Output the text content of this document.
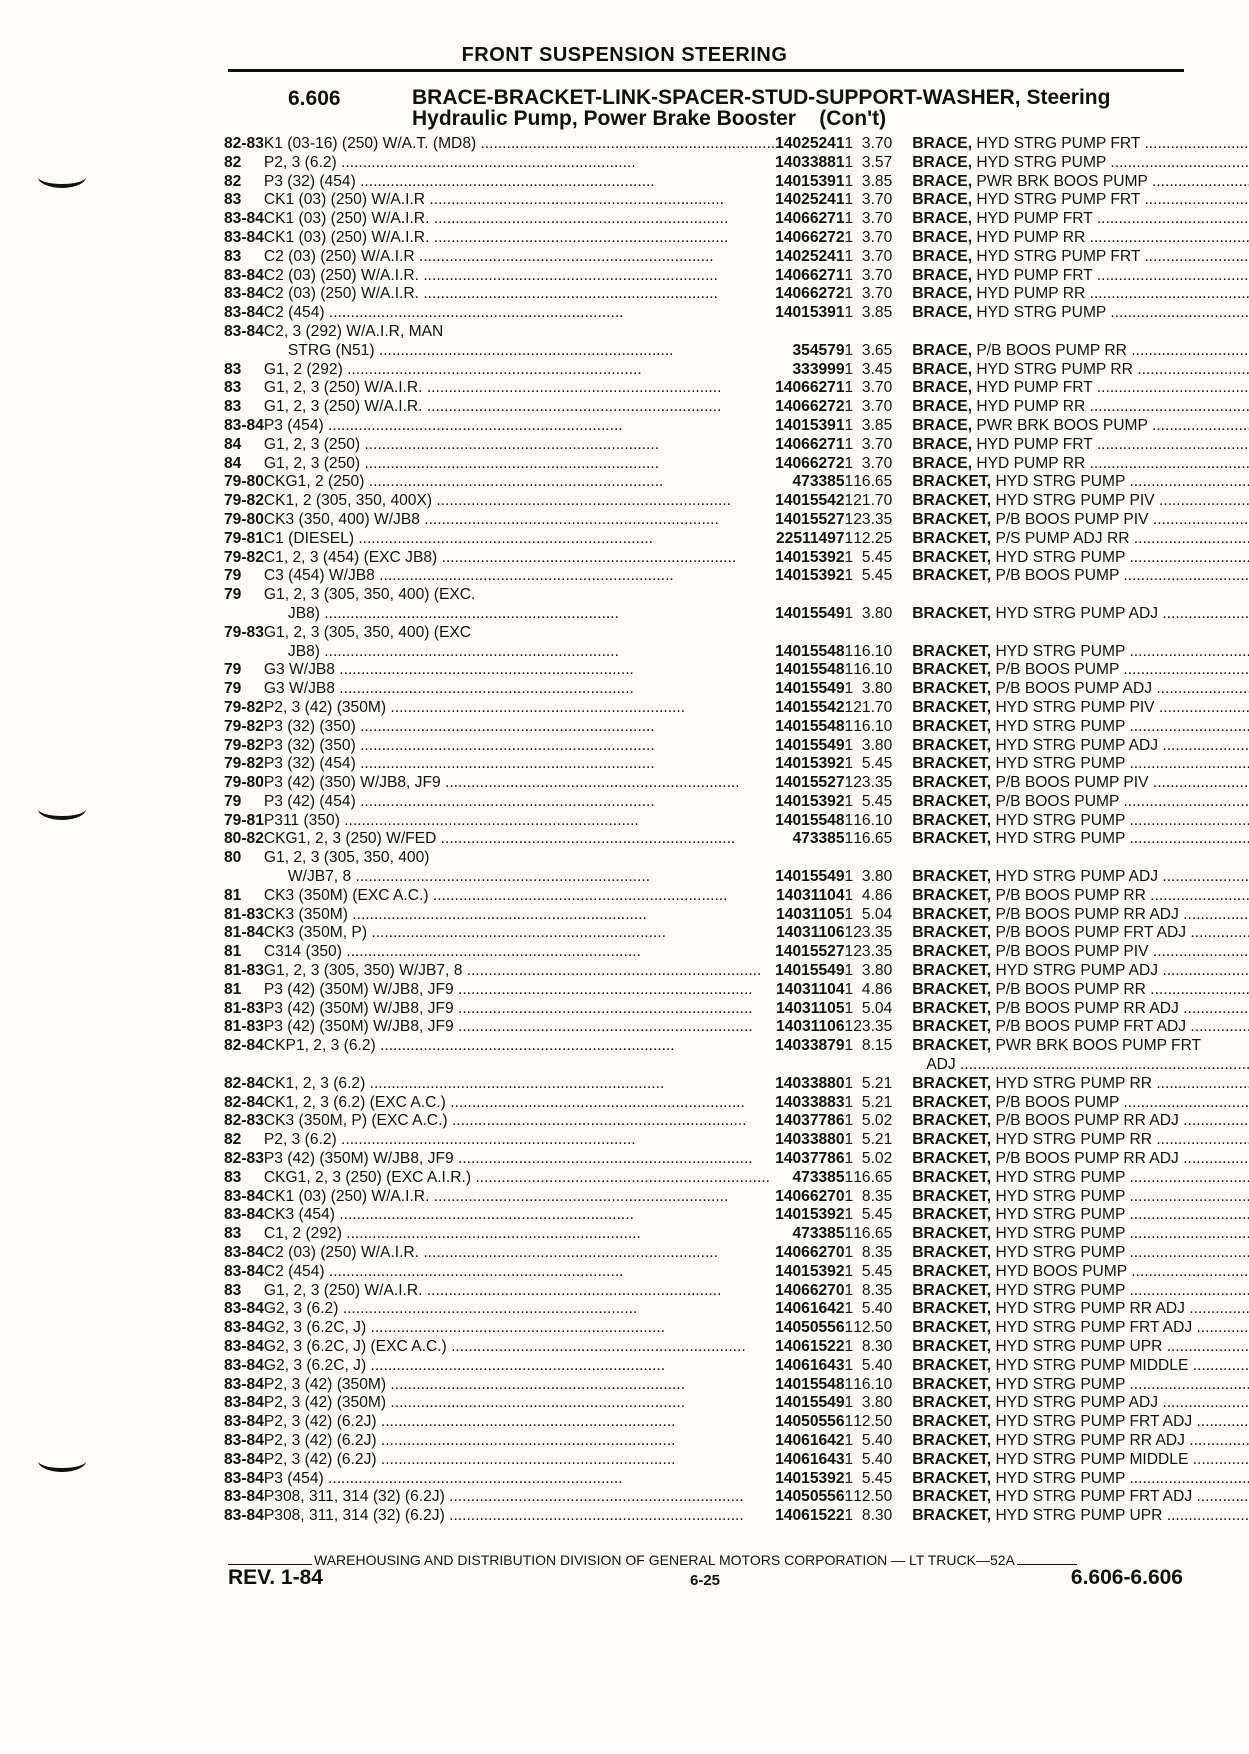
FRONT SUSPENSION STEERING
6.606	BRACE-BRACKET-LINK-SPACER-STUD-SUPPORT-WASHER, Steering
Hydraulic Pump, Power Brake Booster    (Con't)
82-83	K1 (03-16) (250) W/A.T. (MD8) .....	14025241	1	3.70	BRACE, HYD STRG PUMP FRT .....
82	P2, 3 (6.2) .....	14033881	1	3.57	BRACE, HYD STRG PUMP .....
82	P3 (32) (454) .....	14015391	1	3.85	BRACE, PWR BRK BOOS PUMP .....
83	CK1 (03) (250) W/A.I.R .....	14025241	1	3.70	BRACE, HYD STRG PUMP FRT .....
83-84	CK1 (03) (250) W/A.I.R. .....	14066271	1	3.70	BRACE, HYD PUMP FRT .....
83-84	CK1 (03) (250) W/A.I.R. .....	14066272	1	3.70	BRACE, HYD PUMP RR .....
83	C2 (03) (250) W/A.I.R .....	14025241	1	3.70	BRACE, HYD STRG PUMP FRT .....
83-84	C2 (03) (250) W/A.I.R. .....	14066271	1	3.70	BRACE, HYD PUMP FRT .....
83-84	C2 (03) (250) W/A.I.R. .....	14066272	1	3.70	BRACE, HYD PUMP RR .....
83-84	C2 (454) .....	14015391	1	3.85	BRACE, HYD STRG PUMP .....
83-84	C2, 3 (292) W/A.I.R, MAN				
	STRG (N51) .....	354579	1	3.65	BRACE, P/B BOOS PUMP RR .....
83	G1, 2 (292) .....	333999	1	3.45	BRACE, HYD STRG PUMP RR .....
83	G1, 2, 3 (250) W/A.I.R. .....	14066271	1	3.70	BRACE, HYD PUMP FRT .....
83	G1, 2, 3 (250) W/A.I.R. .....	14066272	1	3.70	BRACE, HYD PUMP RR .....
83-84	P3 (454) .....	14015391	1	3.85	BRACE, PWR BRK BOOS PUMP .....
84	G1, 2, 3 (250) .....	14066271	1	3.70	BRACE, HYD PUMP FRT .....
84	G1, 2, 3 (250) .....	14066272	1	3.70	BRACE, HYD PUMP RR .....
79-80	CKG1, 2 (250) .....	473385	1	16.65	BRACKET, HYD STRG PUMP .....
79-82	CK1, 2 (305, 350, 400X) .....	14015542	1	21.70	BRACKET, HYD STRG PUMP PIV .....
79-80	CK3 (350, 400) W/JB8 .....	14015527	1	23.35	BRACKET, P/B BOOS PUMP PIV .....
79-81	C1 (DIESEL) .....	22511497	1	12.25	BRACKET, P/S PUMP ADJ RR .....
79-82	C1, 2, 3 (454) (EXC JB8) .....	14015392	1	5.45	BRACKET, HYD STRG PUMP .....
79	C3 (454) W/JB8 .....	14015392	1	5.45	BRACKET, P/B BOOS PUMP .....
79	G1, 2, 3 (305, 350, 400) (EXC.				
	JB8) .....	14015549	1	3.80	BRACKET, HYD STRG PUMP ADJ .....
79-83	G1, 2, 3 (305, 350, 400) (EXC				
	JB8) .....	14015548	1	16.10	BRACKET, HYD STRG PUMP .....
79	G3 W/JB8 .....	14015548	1	16.10	BRACKET, P/B BOOS PUMP .....
79	G3 W/JB8 .....	14015549	1	3.80	BRACKET, P/B BOOS PUMP ADJ .....
79-82	P2, 3 (42) (350M) .....	14015542	1	21.70	BRACKET, HYD STRG PUMP PIV .....
79-82	P3 (32) (350) .....	14015548	1	16.10	BRACKET, HYD STRG PUMP .....
79-82	P3 (32) (350) .....	14015549	1	3.80	BRACKET, HYD STRG PUMP ADJ .....
79-82	P3 (32) (454) .....	14015392	1	5.45	BRACKET, HYD STRG PUMP .....
79-80	P3 (42) (350) W/JB8, JF9 .....	14015527	1	23.35	BRACKET, P/B BOOS PUMP PIV .....
79	P3 (42) (454) .....	14015392	1	5.45	BRACKET, P/B BOOS PUMP .....
79-81	P311 (350) .....	14015548	1	16.10	BRACKET, HYD STRG PUMP .....
80-82	CKG1, 2, 3 (250) W/FED .....	473385	1	16.65	BRACKET, HYD STRG PUMP .....
80	G1, 2, 3 (305, 350, 400)				
	W/JB7, 8 .....	14015549	1	3.80	BRACKET, HYD STRG PUMP ADJ .....
81	CK3 (350M) (EXC A.C.) .....	14031104	1	4.86	BRACKET, P/B BOOS PUMP RR .....
81-83	CK3 (350M) .....	14031105	1	5.04	BRACKET, P/B BOOS PUMP RR ADJ .....
81-84	CK3 (350M, P) .....	14031106	1	23.35	BRACKET, P/B BOOS PUMP FRT ADJ .....
81	C314 (350) .....	14015527	1	23.35	BRACKET, P/B BOOS PUMP PIV .....
81-83	G1, 2, 3 (305, 350) W/JB7, 8 .....	14015549	1	3.80	BRACKET, HYD STRG PUMP ADJ .....
81	P3 (42) (350M) W/JB8, JF9 .....	14031104	1	4.86	BRACKET, P/B BOOS PUMP RR .....
81-83	P3 (42) (350M) W/JB8, JF9 .....	14031105	1	5.04	BRACKET, P/B BOOS PUMP RR ADJ .....
81-83	P3 (42) (350M) W/JB8, JF9 .....	14031106	1	23.35	BRACKET, P/B BOOS PUMP FRT ADJ .....
82-84	CKP1, 2, 3 (6.2) .....	14033879	1	8.15	BRACKET, PWR BRK BOOS PUMP FRT
					ADJ .....
82-84	CK1, 2, 3 (6.2) .....	14033880	1	5.21	BRACKET, HYD STRG PUMP RR .....
82-84	CK1, 2, 3 (6.2) (EXC A.C.) .....	14033883	1	5.21	BRACKET, P/B BOOS PUMP .....
82-83	CK3 (350M, P) (EXC A.C.) .....	14037786	1	5.02	BRACKET, P/B BOOS PUMP RR ADJ .....
82	P2, 3 (6.2) .....	14033880	1	5.21	BRACKET, HYD STRG PUMP RR .....
82-83	P3 (42) (350M) W/JB8, JF9 .....	14037786	1	5.02	BRACKET, P/B BOOS PUMP RR ADJ .....
83	CKG1, 2, 3 (250) (EXC A.I.R.) .....	473385	1	16.65	BRACKET, HYD STRG PUMP .....
83-84	CK1 (03) (250) W/A.I.R. .....	14066270	1	8.35	BRACKET, HYD STRG PUMP .....
83-84	CK3 (454) .....	14015392	1	5.45	BRACKET, HYD STRG PUMP .....
83	C1, 2 (292) .....	473385	1	16.65	BRACKET, HYD STRG PUMP .....
83-84	C2 (03) (250) W/A.I.R. .....	14066270	1	8.35	BRACKET, HYD STRG PUMP .....
83-84	C2 (454) .....	14015392	1	5.45	BRACKET, HYD BOOS PUMP .....
83	G1, 2, 3 (250) W/A.I.R. .....	14066270	1	8.35	BRACKET, HYD STRG PUMP .....
83-84	G2, 3 (6.2) .....	14061642	1	5.40	BRACKET, HYD STRG PUMP RR ADJ .....
83-84	G2, 3 (6.2C, J) .....	14050556	1	12.50	BRACKET, HYD STRG PUMP FRT ADJ .....
83-84	G2, 3 (6.2C, J) (EXC A.C.) .....	14061522	1	8.30	BRACKET, HYD STRG PUMP UPR .....
83-84	G2, 3 (6.2C, J) .....	14061643	1	5.40	BRACKET, HYD STRG PUMP MIDDLE .....
83-84	P2, 3 (42) (350M) .....	14015548	1	16.10	BRACKET, HYD STRG PUMP .....
83-84	P2, 3 (42) (350M) .....	14015549	1	3.80	BRACKET, HYD STRG PUMP ADJ .....
83-84	P2, 3 (42) (6.2J) .....	14050556	1	12.50	BRACKET, HYD STRG PUMP FRT ADJ .....
83-84	P2, 3 (42) (6.2J) .....	14061642	1	5.40	BRACKET, HYD STRG PUMP RR ADJ .....
83-84	P2, 3 (42) (6.2J) .....	14061643	1	5.40	BRACKET, HYD STRG PUMP MIDDLE .....
83-84	P3 (454) .....	14015392	1	5.45	BRACKET, HYD STRG PUMP .....
83-84	P308, 311, 314 (32) (6.2J) .....	14050556	1	12.50	BRACKET, HYD STRG PUMP FRT ADJ .....
83-84	P308, 311, 314 (32) (6.2J) .....	14061522	1	8.30	BRACKET, HYD STRG PUMP UPR .....
WAREHOUSING AND DISTRIBUTION DIVISION OF GENERAL MOTORS CORPORATION — LT TRUCK—52A
REV. 1-84	6-25	6.606-6.606
